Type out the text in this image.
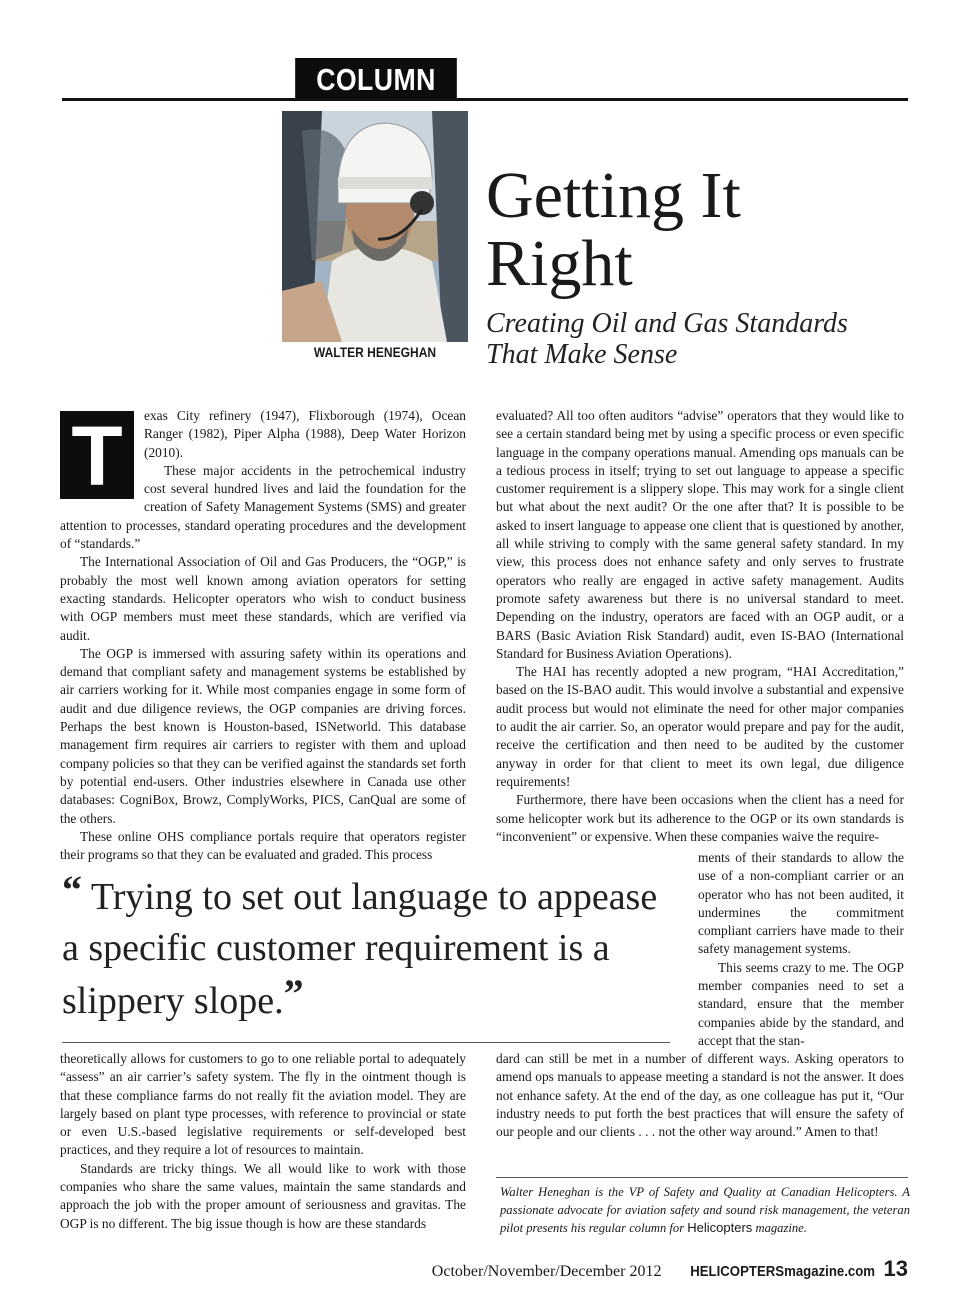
COLUMN
WALTER HENEGHAN
Getting It
Right
Creating Oil and Gas Standards
That Make Sense
T	exas City refinery (1947), Flixborough (1974), Ocean Ranger (1982), Piper Alpha (1988), Deep Water Horizon (2010).

These major accidents in the petrochemical industry cost several hundred lives and laid the foundation for the creation of Safety Management Systems (SMS) and greater attention to processes, standard operating procedures and the development of “standards.”

The International Association of Oil and Gas Producers, the “OGP,” is probably the most well known among aviation operators for setting exacting standards. Helicopter operators who wish to conduct business with OGP members must meet these standards, which are verified via audit.

The OGP is immersed with assuring safety within its operations and demand that compliant safety and management systems be established by air carriers working for it. While most companies engage in some form of audit and due diligence reviews, the OGP companies are driving forces. Perhaps the best known is Houston-based, ISNetworld. This database management firm requires air carriers to register with them and upload company policies so that they can be verified against the standards set forth by potential end-users. Other industries elsewhere in Canada use other databases: CogniBox, Browz, ComplyWorks, PICS, CanQual are some of the others.

These online OHS compliance portals require that operators register their programs so that they can be evaluated and graded. This process

evaluated? All too often auditors “advise” operators that they would like to see a certain standard being met by using a specific process or even specific language in the company operations manual. Amending ops manuals can be a tedious process in itself; trying to set out language to appease a specific customer requirement is a slippery slope. This may work for a single client but what about the next audit? Or the one after that? It is possible to be asked to insert language to appease one client that is questioned by another, all while striving to comply with the same general safety standard. In my view, this process does not enhance safety and only serves to frustrate operators who really are engaged in active safety management. Audits promote safety awareness but there is no universal standard to meet. Depending on the industry, operators are faced with an OGP audit, or a BARS (Basic Aviation Risk Standard) audit, even IS-BAO (International Standard for Business Aviation Operations).

The HAI has recently adopted a new program, “HAI Accreditation,” based on the IS-BAO audit. This would involve a substantial and expensive audit process but would not eliminate the need for other major companies to audit the air carrier. So, an operator would prepare and pay for the audit, receive the certification and then need to be audited by the customer anyway in order for that client to meet its own legal, due diligence requirements!

Furthermore, there have been occasions when the client has a need for some helicopter work but its adherence to the OGP or its own standards is “inconvenient” or expensive. When these companies waive the require-

ments of their standards to allow the use of a non-compliant carrier or an operator who has not been audited, it undermines the commitment compliant carriers have made to their safety management systems.

This seems crazy to me. The OGP member companies need to set a standard, ensure that the member companies abide by the standard, and accept that the stan-

“ Trying to set out language to appease a specific customer requirement is a slippery slope.”

theoretically allows for customers to go to one reliable portal to adequately “assess” an air carrier’s safety system. The fly in the ointment though is that these compliance farms do not really fit the aviation model. They are largely based on plant type processes, with reference to provincial or state or even U.S.-based legislative requirements or self-developed best practices, and they require a lot of resources to maintain.

Standards are tricky things. We all would like to work with those companies who share the same values, maintain the same standards and approach the job with the proper amount of seriousness and gravitas. The OGP is no different. The big issue though is how are these standards

dard can still be met in a number of different ways. Asking operators to amend ops manuals to appease meeting a standard is not the answer. It does not enhance safety. At the end of the day, as one colleague has put it, “Our industry needs to put forth the best practices that will ensure the safety of our people and our clients . . . not the other way around.” Amen to that!

Walter Heneghan is the VP of Safety and Quality at Canadian Helicopters. A passionate advocate for aviation safety and sound risk management, the veteran pilot presents his regular column for Helicopters magazine.
October/November/December 2012 HELICOPTERSmagazine.com 13
